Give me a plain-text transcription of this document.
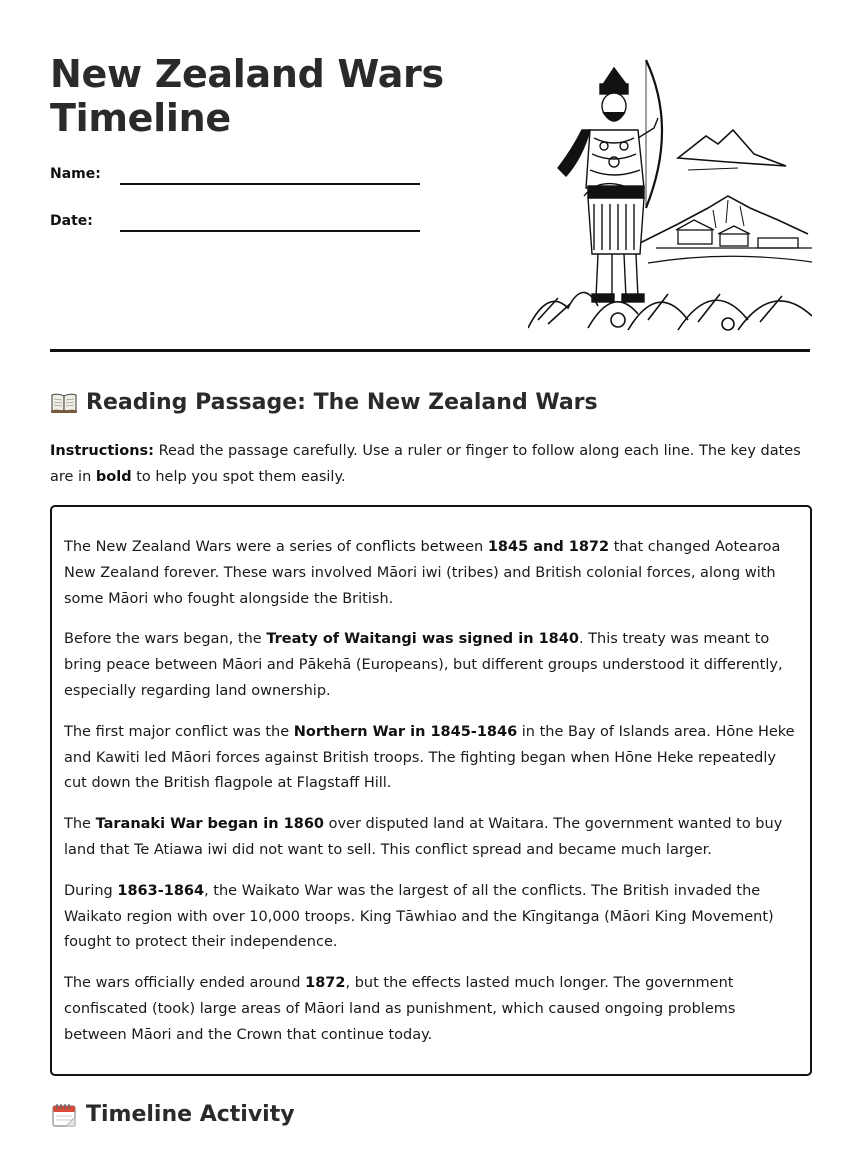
New Zealand Wars
Timeline
Name:
Date:
Reading Passage: The New Zealand Wars

Instructions: Read the passage carefully. Use a ruler or finger to follow along each line. The key dates are in bold to help you spot them easily.

The New Zealand Wars were a series of conflicts between 1845 and 1872 that changed Aotearoa New Zealand forever. These wars involved Māori iwi (tribes) and British colonial forces, along with some Māori who fought alongside the British.

Before the wars began, the Treaty of Waitangi was signed in 1840. This treaty was meant to bring peace between Māori and Pākehā (Europeans), but different groups understood it differently, especially regarding land ownership.

The first major conflict was the Northern War in 1845-1846 in the Bay of Islands area. Hōne Heke and Kawiti led Māori forces against British troops. The fighting began when Hōne Heke repeatedly cut down the British flagpole at Flagstaff Hill.

The Taranaki War began in 1860 over disputed land at Waitara. The government wanted to buy land that Te Atiawa iwi did not want to sell. This conflict spread and became much larger.

During 1863-1864, the Waikato War was the largest of all the conflicts. The British invaded the Waikato region with over 10,000 troops. King Tāwhiao and the Kīngitanga (Māori King Movement) fought to protect their independence.

The wars officially ended around 1872, but the effects lasted much longer. The government confiscated (took) large areas of Māori land as punishment, which caused ongoing problems between Māori and the Crown that continue today.

Timeline Activity
